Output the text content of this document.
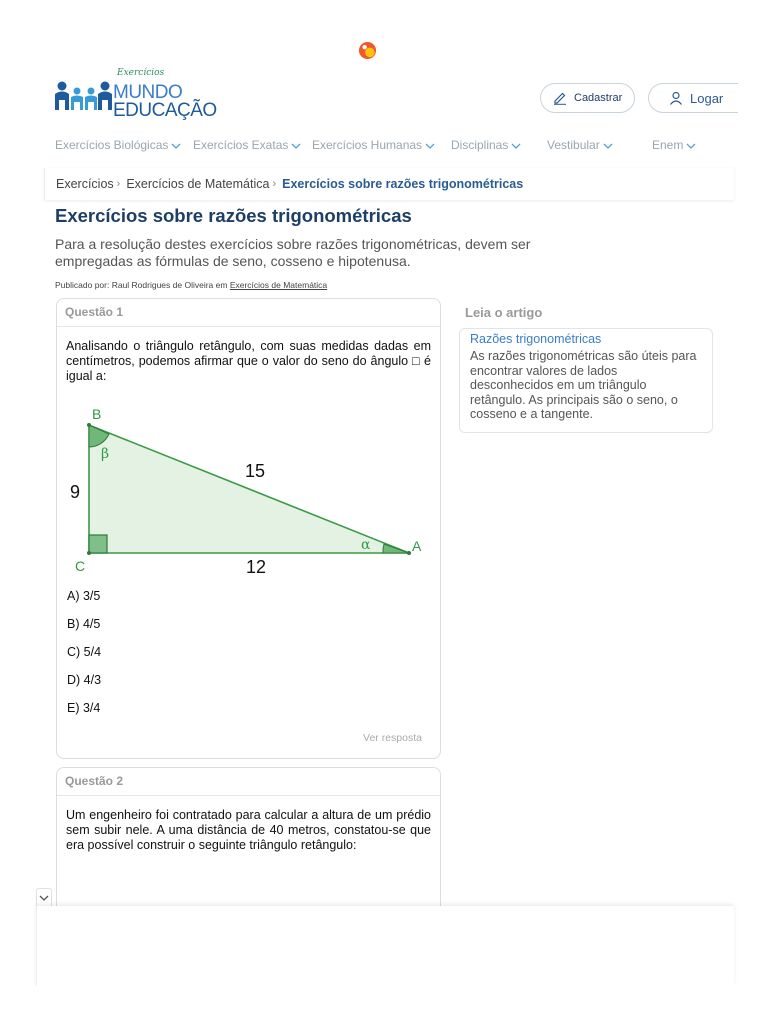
Exercícios
MUNDO
EDUCAÇÃO
Cadastrar	Logar
Exercícios Biológicas Exercícios Exatas Exercícios Humanas Disciplinas	Vestibular	Enem
Exercícios › Exercícios de Matemática › Exercícios sobre razões trigonométricas
Exercícios sobre razões trigonométricas

Para a resolução destes exercícios sobre razões trigonométricas, devem ser empregadas as fórmulas de seno, cosseno e hipotenusa.

Publicado por: Raul Rodrigues de Oliveira em Exercícios de Matemática
Questão 1

Analisando o triângulo retângulo, com suas medidas dadas em centímetros, podemos afirmar que o valor do seno do ângulo □ é igual a:

B
C
A
β
α
9
15
12
A) 3/5
B) 4/5
C) 5/4
D) 4/3
E) 3/4
Ver resposta
Questão 2

Um engenheiro foi contratado para calcular a altura de um prédio sem subir nele. A uma distância de 40 metros, constatou-se que era possível construir o seguinte triângulo retângulo:

Leia o artigo
Razões trigonométricas
As razões trigonométricas são úteis para encontrar valores de lados desconhecidos em um triângulo retângulo. As principais são o seno, o cosseno e a tangente.
